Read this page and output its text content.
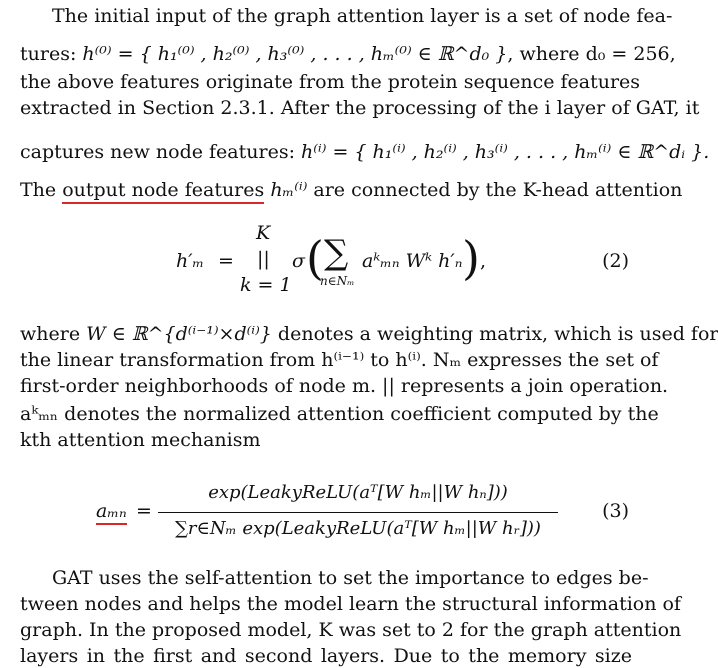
The initial input of the graph attention layer is a set of node fea-
tures: h⁽⁰⁾ = { h₁⁽⁰⁾ , h₂⁽⁰⁾ , h₃⁽⁰⁾ , . . . , hₘ⁽⁰⁾ ∈ ℝ^d₀ }, where d₀ = 256,
the above features originate from the protein sequence features
extracted in Section 2.3.1. After the processing of the i layer of GAT, it
captures new node features: h⁽ⁱ⁾ = { h₁⁽ⁱ⁾ , h₂⁽ⁱ⁾ , h₃⁽ⁱ⁾ , . . . , hₘ⁽ⁱ⁾ ∈ ℝ^dᵢ }.
The output node features hₘ⁽ⁱ⁾ are connected by the K-head attention
h′ₘ =
K
||
k = 1
σ ( ∑
n∈Nₘ
aᵏₘₙ Wᵏ h′ₙ ) ,	(2)
where W ∈ ℝ^{d⁽ⁱ⁻¹⁾×d⁽ⁱ⁾} denotes a weighting matrix, which is used for
the linear transformation from h⁽ⁱ⁻¹⁾ to h⁽ⁱ⁾. Nₘ expresses the set of
first-order neighborhoods of node m. || represents a join operation.
aᵏₘₙ denotes the normalized attention coefficient computed by the
kth attention mechanism
aₘₙ =
exp(LeakyReLU(aᵀ[W hₘ||W hₙ]))
∑r∈Nₘ exp(LeakyReLU(aᵀ[W hₘ||W hᵣ]))
(3)
GAT uses the self-attention to set the importance to edges be-
tween nodes and helps the model learn the structural information of
graph. In the proposed model, K was set to 2 for the graph attention
layers in the first and second layers. Due to the memory size
